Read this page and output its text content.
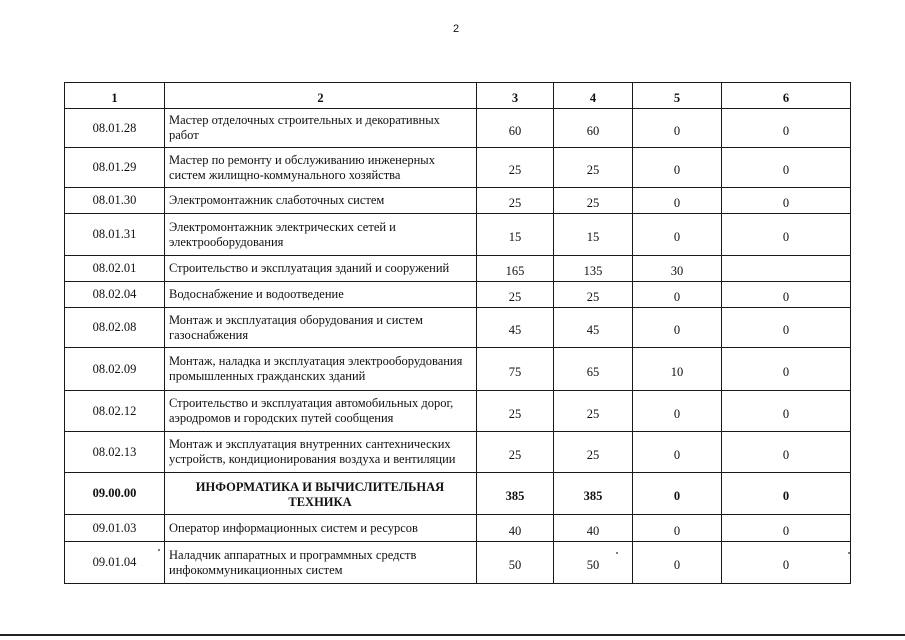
2
1	2	3	4	5	6
08.01.28	Мастер отделочных строительных и декоративных работ	60	60	0	0
08.01.29	Мастер по ремонту и обслуживанию инженерных систем жилищно-коммунального хозяйства	25	25	0	0
08.01.30	Электромонтажник слаботочных систем	25	25	0	0
08.01.31	Электромонтажник электрических сетей и электрооборудования	15	15	0	0
08.02.01	Строительство и эксплуатация зданий и сооружений	165	135	30	
08.02.04	Водоснабжение и водоотведение	25	25	0	0
08.02.08	Монтаж и эксплуатация оборудования и систем газоснабжения	45	45	0	0
08.02.09	Монтаж, наладка и эксплуатация электрооборудования промышленных гражданских зданий	75	65	10	0
08.02.12	Строительство и эксплуатация автомобильных дорог, аэродромов и городских путей сообщения	25	25	0	0
08.02.13	Монтаж и эксплуатация внутренних сантехнических устройств, кондиционирования воздуха и вентиляции	25	25	0	0
09.00.00	ИНФОРМАТИКА И ВЫЧИСЛИТЕЛЬНАЯ ТЕХНИКА	385	385	0	0
09.01.03	Оператор информационных систем и ресурсов	40	40	0	0
09.01.04	Наладчик аппаратных и программных средств инфокоммуникационных систем	50	50	0	0
